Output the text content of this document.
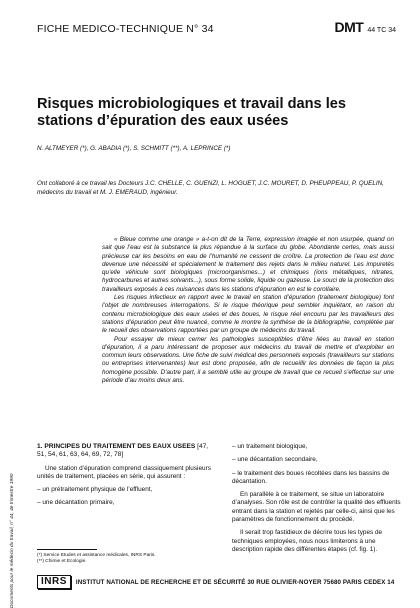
FICHE MEDICO-TECHNIQUE N° 34	DMT 44 TC 34
Risques microbiologiques et travail dans les stations d’épuration des eaux usées
N. ALTMEYER (*), G. ABADIA (*), S. SCHMITT (**), A. LEPRINCE (*)
Ont collaboré à ce travail les Docteurs J.C. CHELLE, C. GUENZI, L. HOGUET, J.C. MOURET, D. PHEUPPEAU, P. QUELIN, médecins du travail et M. J. EMERAUD, ingénieur.

« Bleue comme une orange » a-t-on dit de la Terre, expression imagée et non usurpée, quand on sait que l’eau est la substance la plus répandue à la surface du globe. Abondante certes, mais aussi précieuse car les besoins en eau de l’humanité ne cessent de croître. La protection de l’eau est donc devenue une nécessité et spécialement le traitement des rejets dans le milieu naturel. Les impuretés qu’elle véhicule sont biologiques (microorganismes...) et chimiques (ions métalliques, nitrates, hydrocarbures et autres solvants...), sous forme solide, liquide ou gazeuse. Le souci de la protection des travailleurs exposés à ces nuisances dans les stations d’épuration en est le corollaire.

Les risques infectieux en rapport avec le travail en station d’épuration (traitement biologique) font l’objet de nombreuses interrogations. Si le risque théorique peut sembler inquiétant, en raison du contenu microbiologique des eaux usées et des boues, le risque réel encouru par les travailleurs des stations d’épuration peut être nuancé, comme le montre la synthèse de la bibliographie, complétée par le recueil des observations rapportées par un groupe de médecins du travail.

Pour essayer de mieux cerner les pathologies susceptibles d’être liées au travail en station d’épuration, il a paru intéressant de proposer aux médecins du travail de mettre et d’exploiter en commun leurs observations. Une fiche de suivi médical des personnels exposés (travailleurs sur stations ou entreprises intervenantes) leur est donc proposée, afin de recueillir les données de façon la plus homogène possible. D’autre part, il a semblé utile au groupe de travail que ce recueil s’effectue sur une période d’au moins deux ans.

Documents pour le médecin du travail, n° 44, 4e trimestre 1990

1. PRINCIPES DU TRAITEMENT DES EAUX USEES [47, 51, 54, 61, 63, 64, 69, 72, 78]

Une station d’épuration comprend classiquement plusieurs unités de traitement, placées en série, qui assurent :

– un prétraitement physique de l’effluent,

– une décantation primaire,

– un traitement biologique,

– une décantation secondaire,

– le traitement des boues récoltées dans les bassins de décantation.

En parallèle à ce traitement, se situe un laboratoire d’analyses. Son rôle est de contrôler la qualité des effluents entrant dans la station et rejetés par celle-ci, ainsi que les paramètres de fonctionnement du procédé.

Il serait trop fastidieux de décrire tous les types de techniques employées, nous nous limiterons à une description rapide des différentes étapes (cf. fig. 1).

(*) Service Etudes et assistance médicales, INRS Paris.
(**) Chimie et Ecologie.
INRS	INSTITUT NATIONAL DE RECHERCHE ET DE SÉCURITÉ 30 RUE OLIVIER-NOYER 75680 PARIS CEDEX 14
